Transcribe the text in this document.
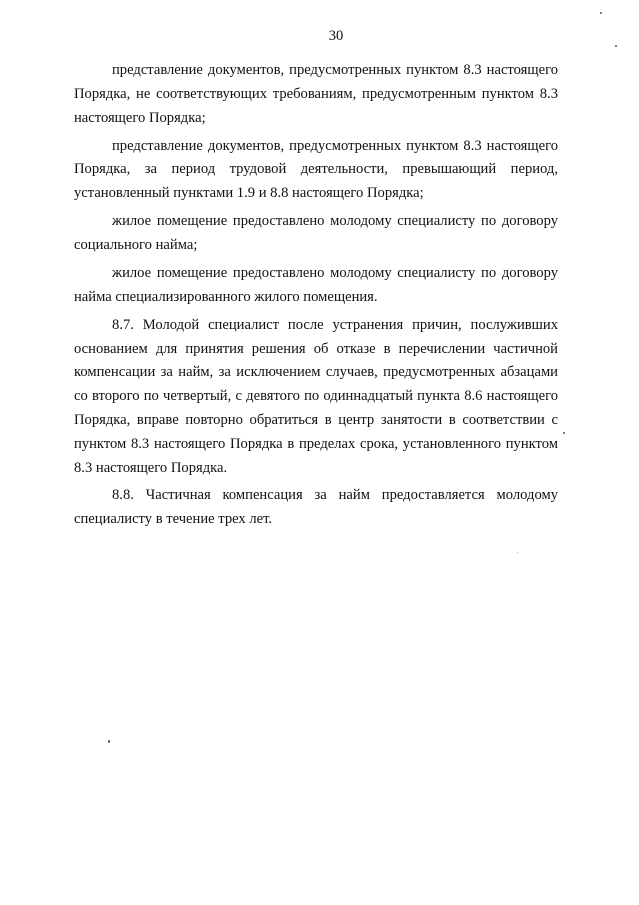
30

представление документов, предусмотренных пунктом 8.3 настоящего Порядка, не соответствующих требованиям, предусмотренным пунктом 8.3 настоящего Порядка;

представление документов, предусмотренных пунктом 8.3 настоящего Порядка, за период трудовой деятельности, превышающий период, установленный пунктами 1.9 и 8.8 настоящего Порядка;

жилое помещение предоставлено молодому специалисту по договору социального найма;

жилое помещение предоставлено молодому специалисту по договору найма специализированного жилого помещения.

8.7. Молодой специалист после устранения причин, послуживших основанием для принятия решения об отказе в перечислении частичной компенсации за найм, за исключением случаев, предусмотренных абзацами со второго по четвертый, с девятого по одиннадцатый пункта 8.6 настоящего Порядка, вправе повторно обратиться в центр занятости в соответствии с пунктом 8.3 настоящего Порядка в пределах срока, установленного пунктом 8.3 настоящего Порядка.

8.8. Частичная компенсация за найм предоставляется молодому специалисту в течение трех лет.
